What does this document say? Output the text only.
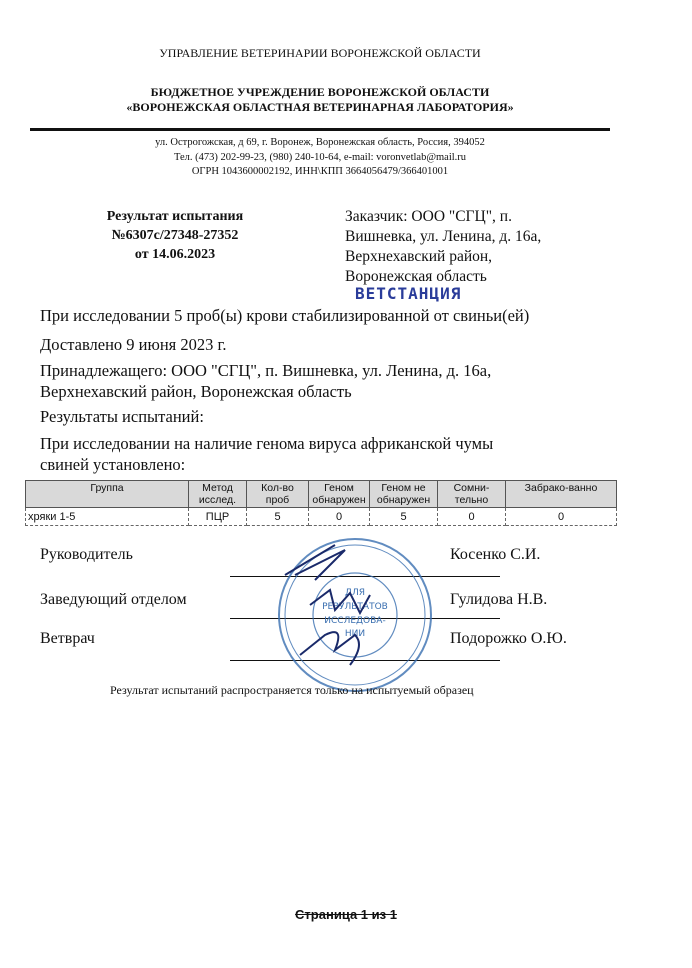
УПРАВЛЕНИЕ ВЕТЕРИНАРИИ ВОРОНЕЖСКОЙ ОБЛАСТИ
БЮДЖЕТНОЕ УЧРЕЖДЕНИЕ ВОРОНЕЖСКОЙ ОБЛАСТИ
«ВОРОНЕЖСКАЯ ОБЛАСТНАЯ ВЕТЕРИНАРНАЯ ЛАБОРАТОРИЯ»
ул. Острогожская, д 69, г. Воронеж, Воронежская область, Россия, 394052
Тел. (473) 202-99-23, (980) 240-10-64, e-mail: voronvetlab@mail.ru
ОГРН 1043600002192, ИНН\КПП 3664056479/366401001
Результат испытания
№6307с/27348-27352
от 14.06.2023
Заказчик: ООО "СГЦ", п.
Вишневка, ул. Ленина, д. 16а,
Верхнехавский район,
Воронежская область
ВЕТСТАНЦИЯ
При исследовании 5 проб(ы) крови стабилизированной от свиньи(ей)
Доставлено 9 июня 2023 г.
Принадлежащего: ООО "СГЦ", п. Вишневка, ул. Ленина, д. 16а,
Верхнехавский район, Воронежская область
Результаты испытаний:
При исследовании на наличие генома вируса африканской чумы
свиней установлено:
Группа	Метод исслед.	Кол-во проб	Геном обнаружен	Геном не обнаружен	Сомни-тельно	Забрако-ванно
хряки 1-5	ПЦР	5	0	5	0	0
Руководитель	Косенко С.И.
Заведующий отделом	Гулидова Н.В.
Ветврач	Подорожко О.Ю.
ДЛЯ
РЕЗУЛЬТАТОВ
ИССЛЕДОВА-
НИИ
Результат испытаний распространяется только на испытуемый образец
Страница 1 из 1
